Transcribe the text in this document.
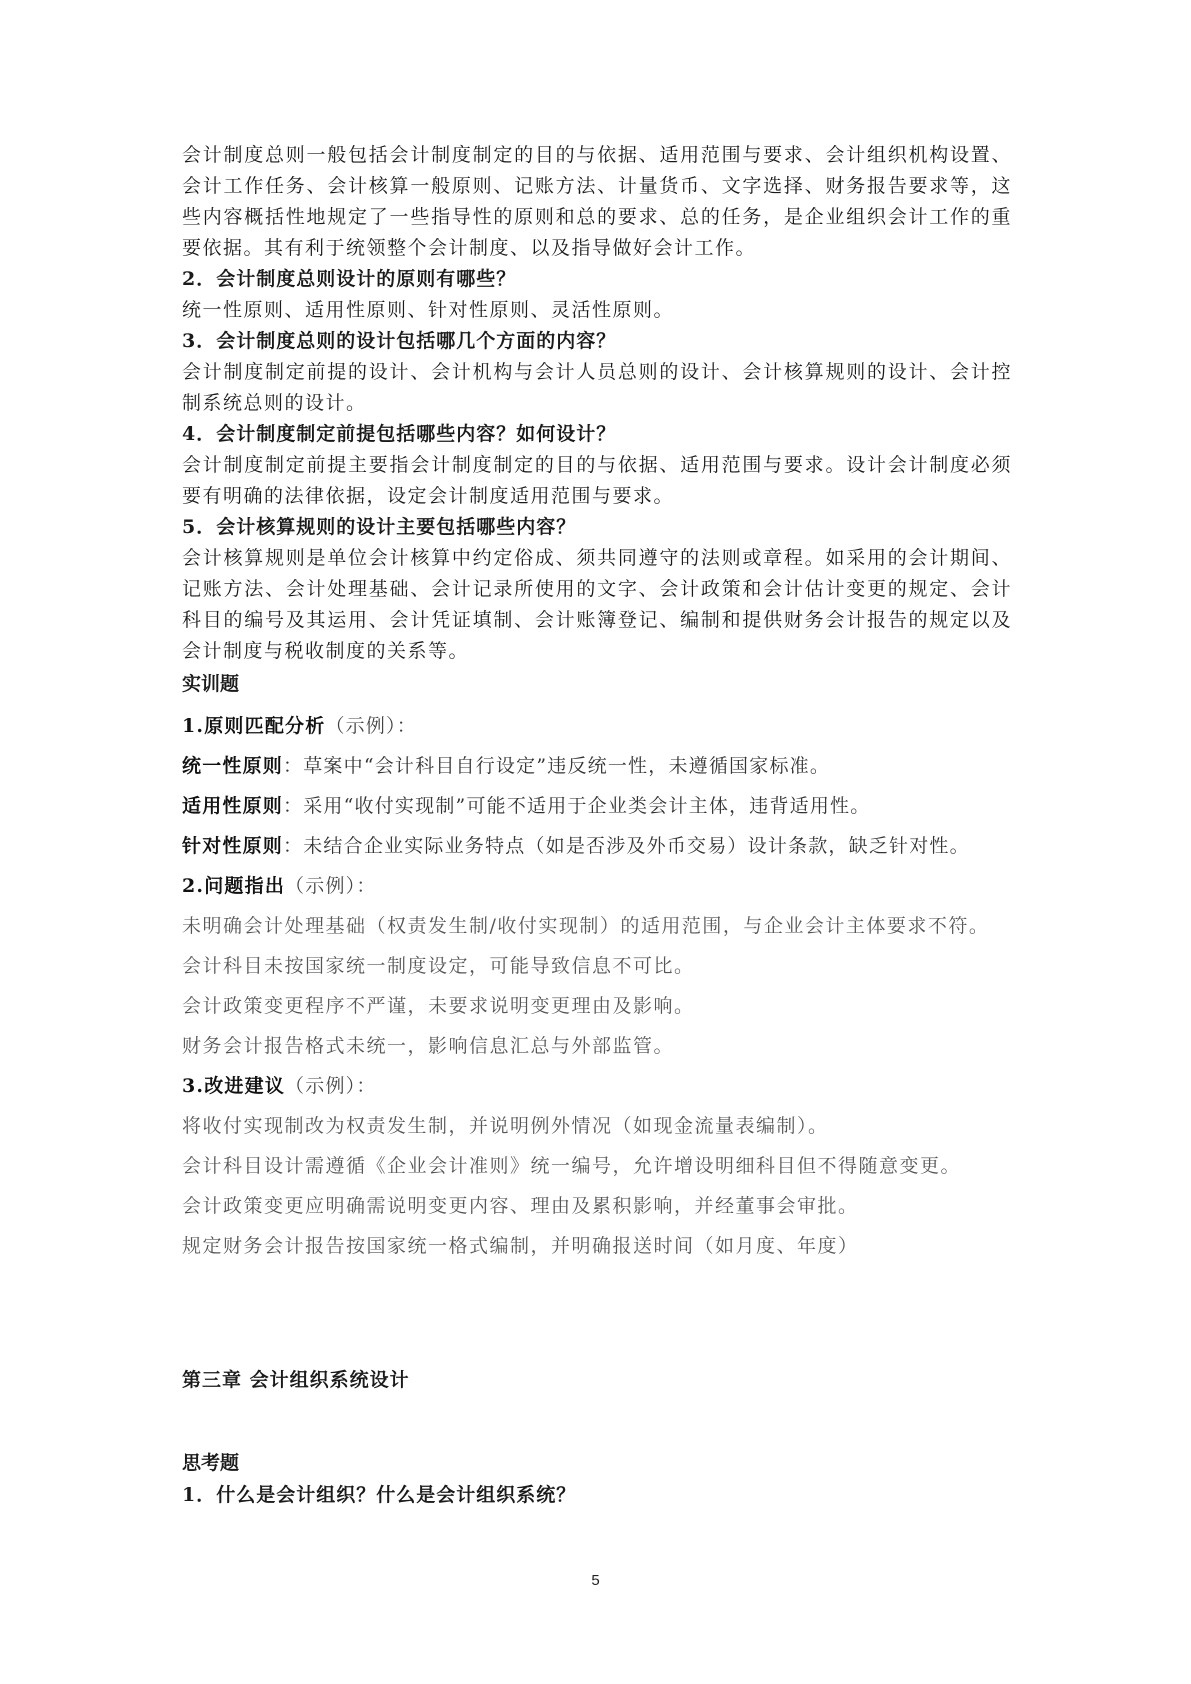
会计制度总则一般包括会计制度制定的目的与依据、适用范围与要求、会计组织机构设置、会计工作任务、会计核算一般原则、记账方法、计量货币、文字选择、财务报告要求等，这些内容概括性地规定了一些指导性的原则和总的要求、总的任务，是企业组织会计工作的重要依据。其有利于统领整个会计制度、以及指导做好会计工作。

2．会计制度总则设计的原则有哪些？

统一性原则、适用性原则、针对性原则、灵活性原则。

3．会计制度总则的设计包括哪几个方面的内容？

会计制度制定前提的设计、会计机构与会计人员总则的设计、会计核算规则的设计、会计控制系统总则的设计。

4．会计制度制定前提包括哪些内容？如何设计？

会计制度制定前提主要指会计制度制定的目的与依据、适用范围与要求。设计会计制度必须要有明确的法律依据，设定会计制度适用范围与要求。

5．会计核算规则的设计主要包括哪些内容？

会计核算规则是单位会计核算中约定俗成、须共同遵守的法则或章程。如采用的会计期间、记账方法、会计处理基础、会计记录所使用的文字、会计政策和会计估计变更的规定、会计科目的编号及其运用、会计凭证填制、会计账簿登记、编制和提供财务会计报告的规定以及会计制度与税收制度的关系等。

实训题

1.原则匹配分析（示例）：

统一性原则：草案中“会计科目自行设定”违反统一性，未遵循国家标准。

适用性原则：采用“收付实现制”可能不适用于企业类会计主体，违背适用性。

针对性原则：未结合企业实际业务特点（如是否涉及外币交易）设计条款，缺乏针对性。

2.问题指出（示例）：

未明确会计处理基础（权责发生制/收付实现制）的适用范围，与企业会计主体要求不符。

会计科目未按国家统一制度设定，可能导致信息不可比。

会计政策变更程序不严谨，未要求说明变更理由及影响。

财务会计报告格式未统一，影响信息汇总与外部监管。

3.改进建议（示例）：

将收付实现制改为权责发生制，并说明例外情况（如现金流量表编制）。

会计科目设计需遵循《企业会计准则》统一编号，允许增设明细科目但不得随意变更。

会计政策变更应明确需说明变更内容、理由及累积影响，并经董事会审批。

规定财务会计报告按国家统一格式编制，并明确报送时间（如月度、年度）

第三章 会计组织系统设计
思考题
1．什么是会计组织？什么是会计组织系统？
5
